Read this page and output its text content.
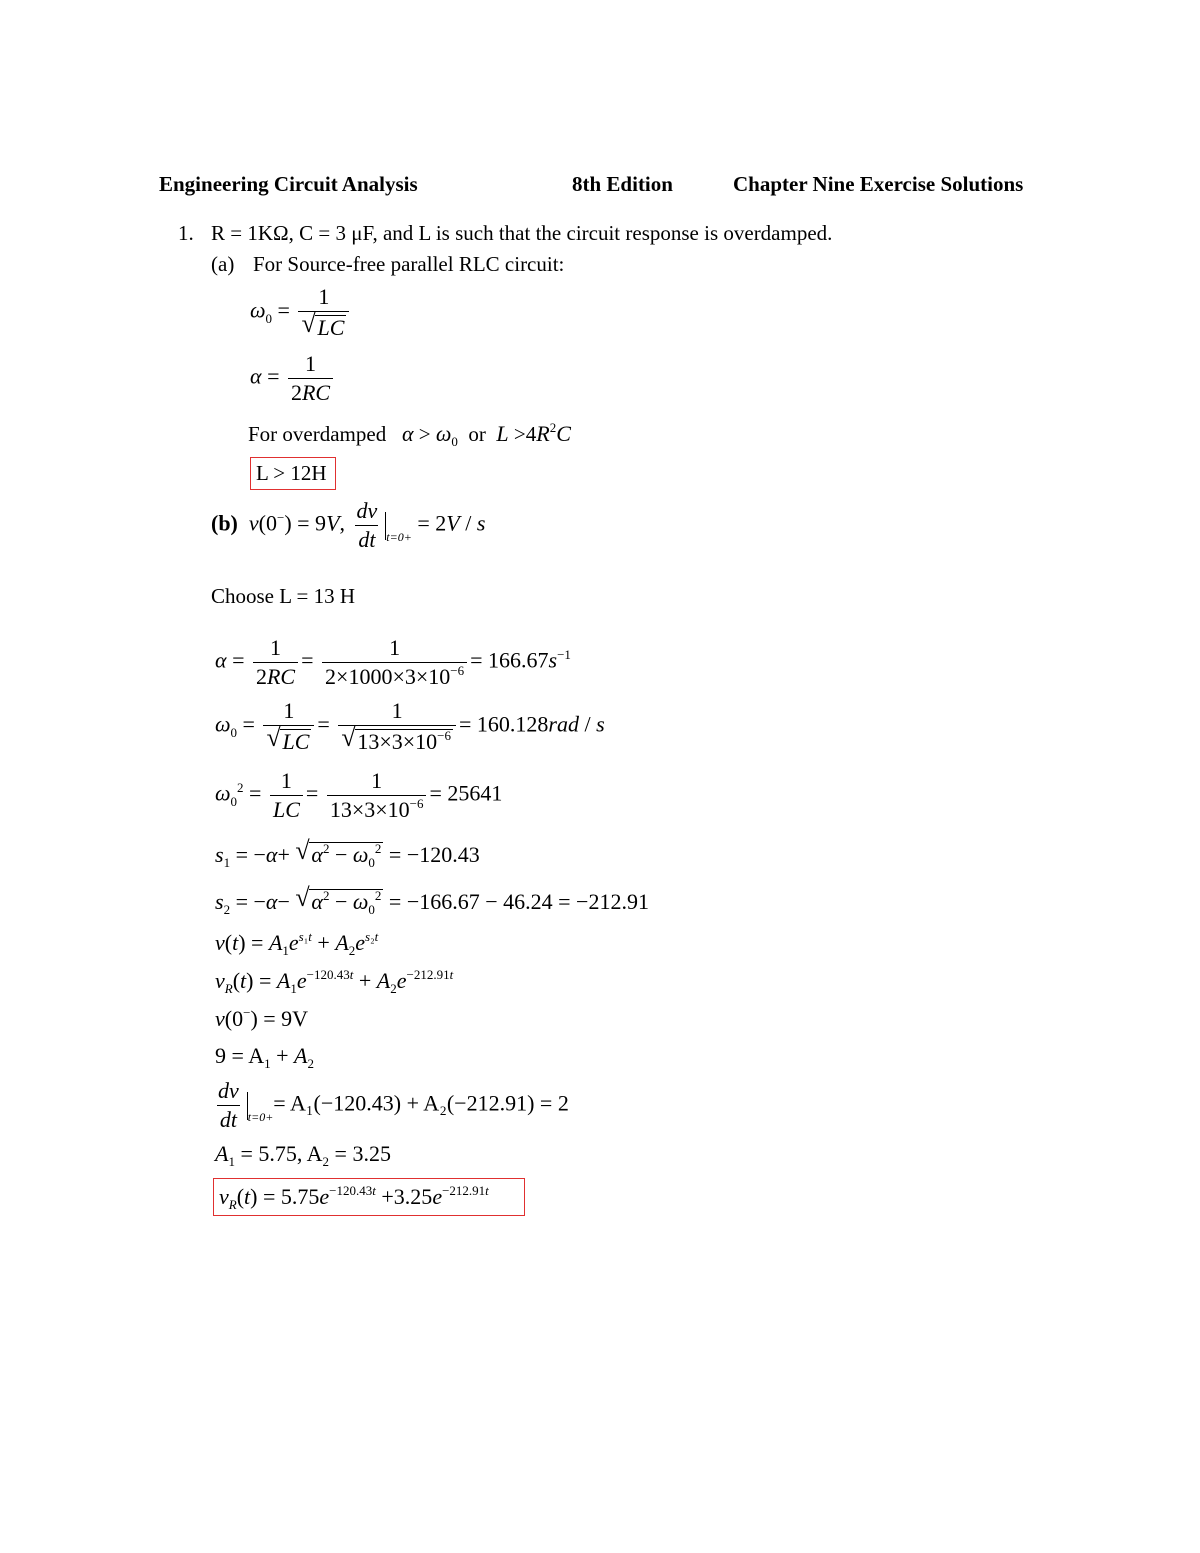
Engineering Circuit Analysis	8th Edition	Chapter Nine Exercise Solutions
1. R = 1KΩ, C = 3 μF, and L is such that the circuit response is overdamped.
(a) For Source-free parallel RLC circuit:
$\omega_0 = \frac{1}{√ LC}$
$\alpha = \frac{1}{2RC}$
For overdamped $\alpha > \omega_0$ or $L >4R^2C$
L > 12H
(b) v(0−) = 9V, $\frac{dv}{dt} _{t=0+} = 2V / s$
Choose L = 13 H
$\alpha = \frac{1}{2RC} = \frac{1}{2\times 1000\times 3\times 10^{-6}} = 166.67s^{-1}$
$\omega_0 = \frac{1}{√ LC} = \frac{1}{√ 13\times 3\times 10^{-6}} = 160.128rad / s$
$\omega_0^2 = \frac{1}{LC} = \frac{1}{13\times 3\times 10^{-6}} = 25641$
$s_1 = -\alpha+$ √ $\alpha^2 - \omega_0^2 = -120.43$
$s_2 = -\alpha-$ √ $\alpha^2 - \omega_0^2 = -166.67 - 46.24 = -212.91$
$v(t) = A_1e^{s_1t} + A_2e^{s_2t}$
$v_R(t) = A_1e^{-120.43t} + A_2e^{-212.91t}$
v(0−) = 9V
$9 = A_1 + A_2$
$\frac{dv}{dt} _{t=0+}= A_1(-120.43) + A_2(-212.91) = 2$
$A_1 = 5.75$, $A_2 = 3.25$
$v_R(t) = 5.75e^{-120.43t} +3.25e^{-212.91t}$
